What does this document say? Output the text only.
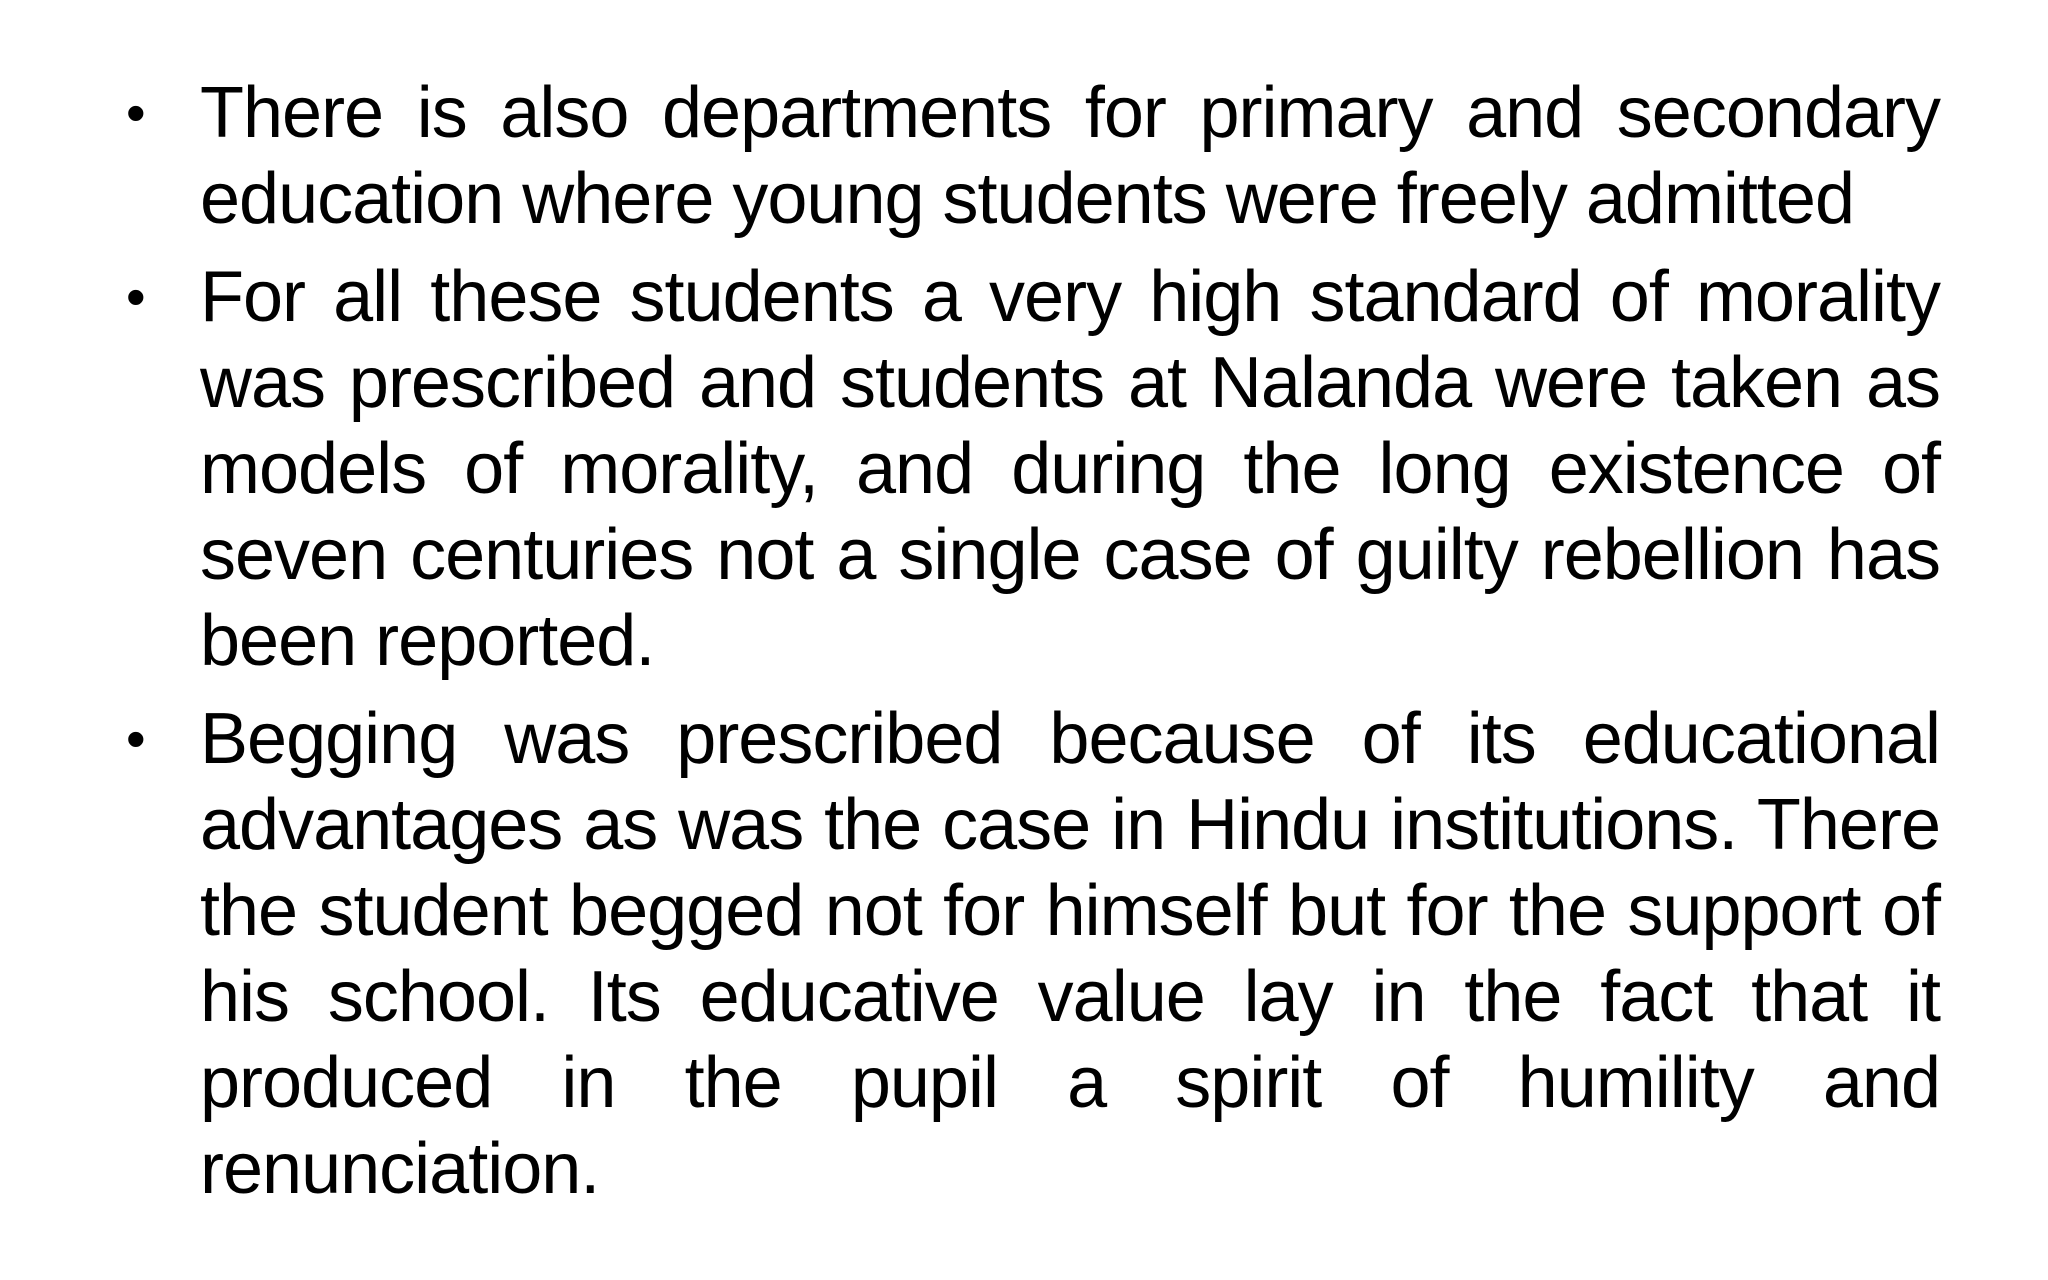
• There is also departments for primary and secondary education where young students were freely admitted
• For all these students a very high standard of morality was prescribed and students at Nalanda were taken as models of morality, and during the long existence of seven centuries not a single case of guilty rebellion has been reported.
• Begging was prescribed because of its educational advantages as was the case in Hindu institutions. There the student begged not for himself but for the support of his school. Its educative value lay in the fact that it produced in the pupil a spirit of humility and renunciation.
